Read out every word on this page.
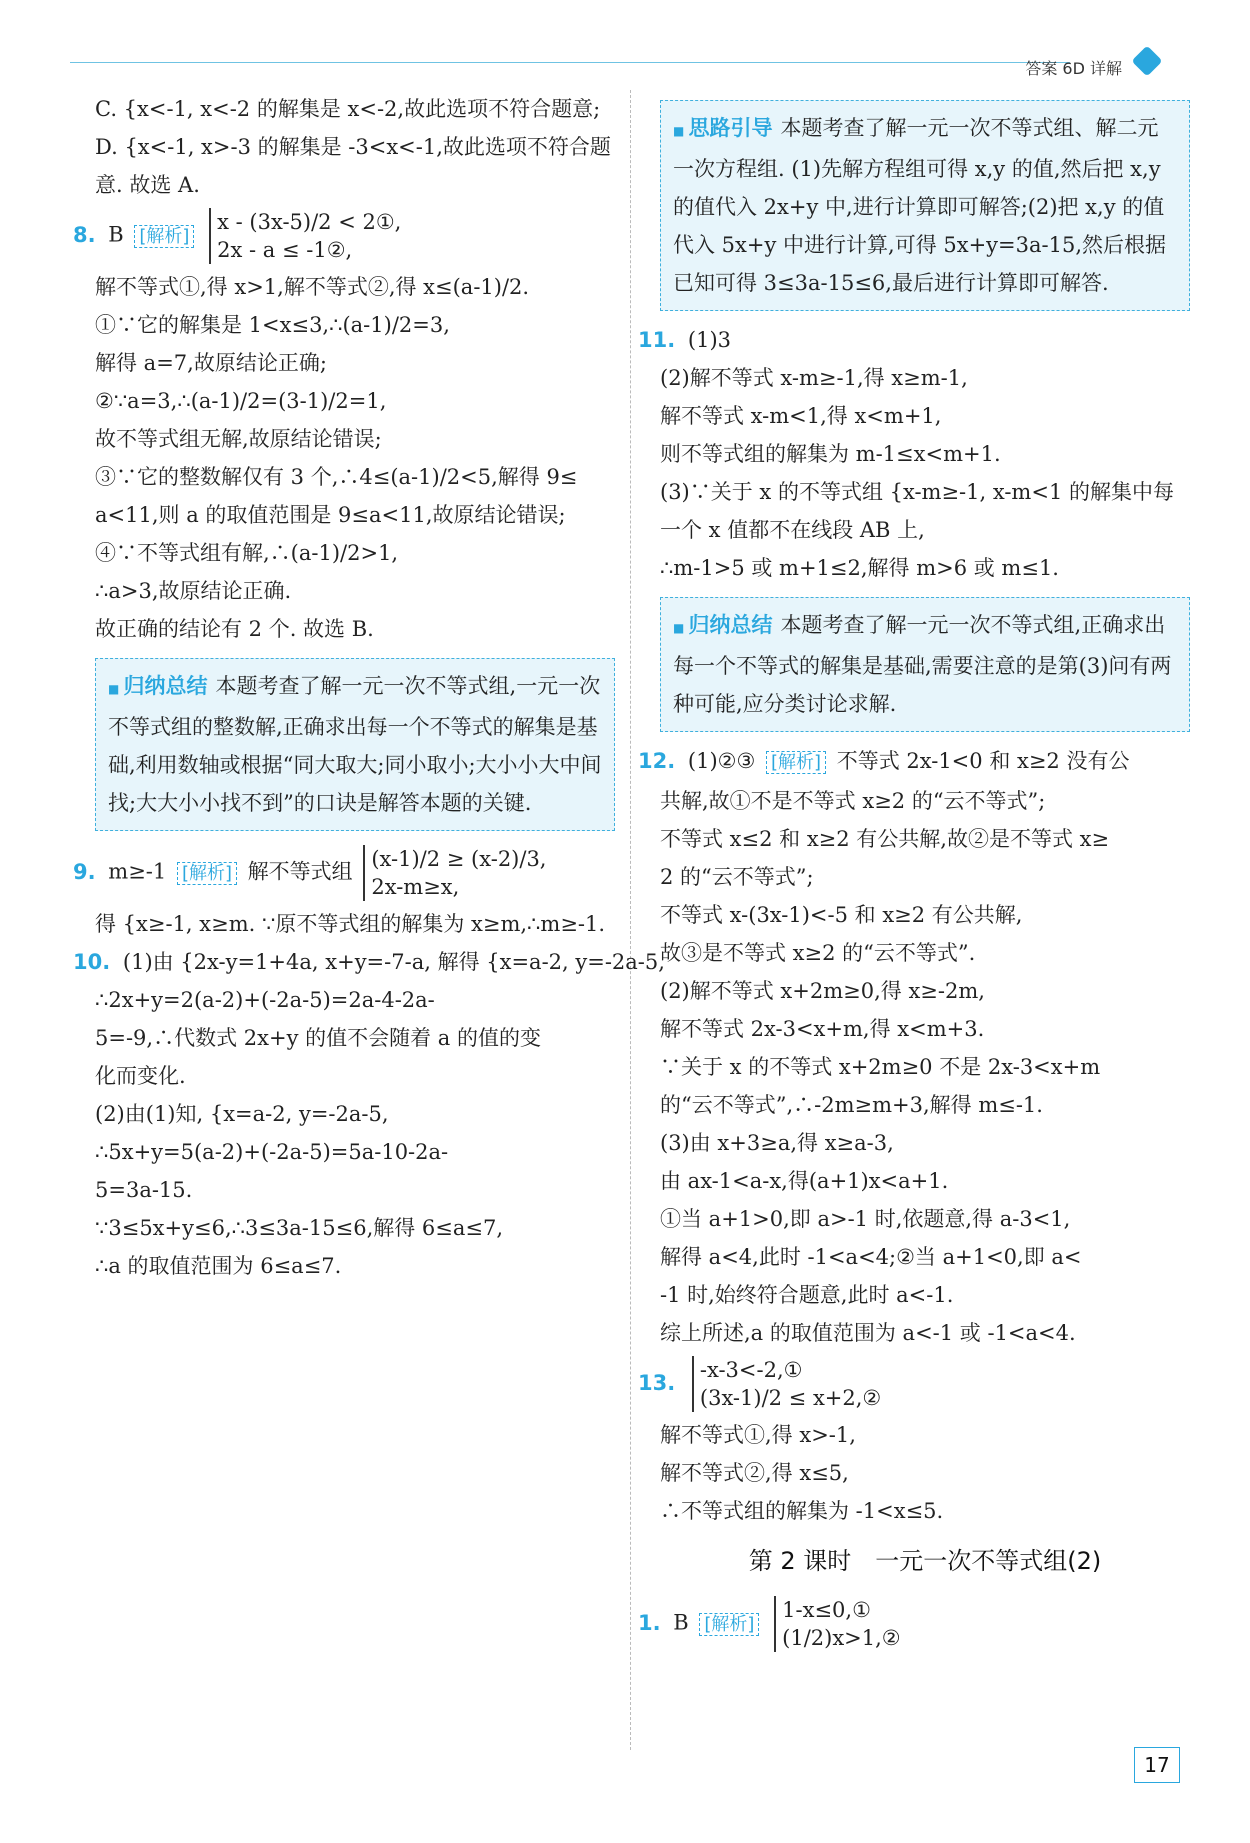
答案 6D 详解
C. {x<-1, x<-2 的解集是 x<-2,故此选项不符合题意;
D. {x<-1, x>-3 的解集是 -3<x<-1,故此选项不符合题
意. 故选 A.
8. B [解析]
x - (3x-5)/2 < 2①,
2x - a ≤ -1②,
解不等式①,得 x>1,解不等式②,得 x≤(a-1)/2.
①∵它的解集是 1<x≤3,∴(a-1)/2=3,
解得 a=7,故原结论正确;
②∵a=3,∴(a-1)/2=(3-1)/2=1,
故不等式组无解,故原结论错误;
③∵它的整数解仅有 3 个,∴4≤(a-1)/2<5,解得 9≤
a<11,则 a 的取值范围是 9≤a<11,故原结论错误;
④∵不等式组有解,∴(a-1)/2>1,
∴a>3,故原结论正确.
故正确的结论有 2 个. 故选 B.
■ 归纳总结 本题考查了解一元一次不等式组,一元一次不等式组的整数解,正确求出每一个不等式的解集是基础,利用数轴或根据“同大取大;同小取小;大小小大中间找;大大小小找不到”的口诀是解答本题的关键.
9. m≥-1 [解析] 解不等式组
(x-1)/2 ≥ (x-2)/3,
2x-m≥x,
得 {x≥-1, x≥m. ∵原不等式组的解集为 x≥m,∴m≥-1.
10. (1)由 {2x-y=1+4a, x+y=-7-a, 解得 {x=a-2, y=-2a-5,
∴2x+y=2(a-2)+(-2a-5)=2a-4-2a-
5=-9,∴代数式 2x+y 的值不会随着 a 的值的变
化而变化.
(2)由(1)知, {x=a-2, y=-2a-5,
∴5x+y=5(a-2)+(-2a-5)=5a-10-2a-
5=3a-15.
∵3≤5x+y≤6,∴3≤3a-15≤6,解得 6≤a≤7,
∴a 的取值范围为 6≤a≤7.
■ 思路引导 本题考查了解一元一次不等式组、解二元一次方程组. (1)先解方程组可得 x,y 的值,然后把 x,y 的值代入 2x+y 中,进行计算即可解答;(2)把 x,y 的值代入 5x+y 中进行计算,可得 5x+y=3a-15,然后根据已知可得 3≤3a-15≤6,最后进行计算即可解答.
11. (1)3
(2)解不等式 x-m≥-1,得 x≥m-1,
解不等式 x-m<1,得 x<m+1,
则不等式组的解集为 m-1≤x<m+1.
(3)∵关于 x 的不等式组 {x-m≥-1, x-m<1 的解集中每
一个 x 值都不在线段 AB 上,
∴m-1>5 或 m+1≤2,解得 m>6 或 m≤1.
■ 归纳总结 本题考查了解一元一次不等式组,正确求出每一个不等式的解集是基础,需要注意的是第(3)问有两种可能,应分类讨论求解.
12. (1)②③ [解析] 不等式 2x-1<0 和 x≥2 没有公
共解,故①不是不等式 x≥2 的“云不等式”;
不等式 x≤2 和 x≥2 有公共解,故②是不等式 x≥
2 的“云不等式”;
不等式 x-(3x-1)<-5 和 x≥2 有公共解,
故③是不等式 x≥2 的“云不等式”.
(2)解不等式 x+2m≥0,得 x≥-2m,
解不等式 2x-3<x+m,得 x<m+3.
∵关于 x 的不等式 x+2m≥0 不是 2x-3<x+m
的“云不等式”,∴-2m≥m+3,解得 m≤-1.
(3)由 x+3≥a,得 x≥a-3,
由 ax-1<a-x,得(a+1)x<a+1.
①当 a+1>0,即 a>-1 时,依题意,得 a-3<1,
解得 a<4,此时 -1<a<4;②当 a+1<0,即 a<
-1 时,始终符合题意,此时 a<-1.
综上所述,a 的取值范围为 a<-1 或 -1<a<4.
13.
-x-3<-2,①
(3x-1)/2 ≤ x+2,②
解不等式①,得 x>-1,
解不等式②,得 x≤5,
∴不等式组的解集为 -1<x≤5.
第 2 课时　一元一次不等式组(2)
1. B [解析]
1-x≤0,①
(1/2)x>1,②
17
